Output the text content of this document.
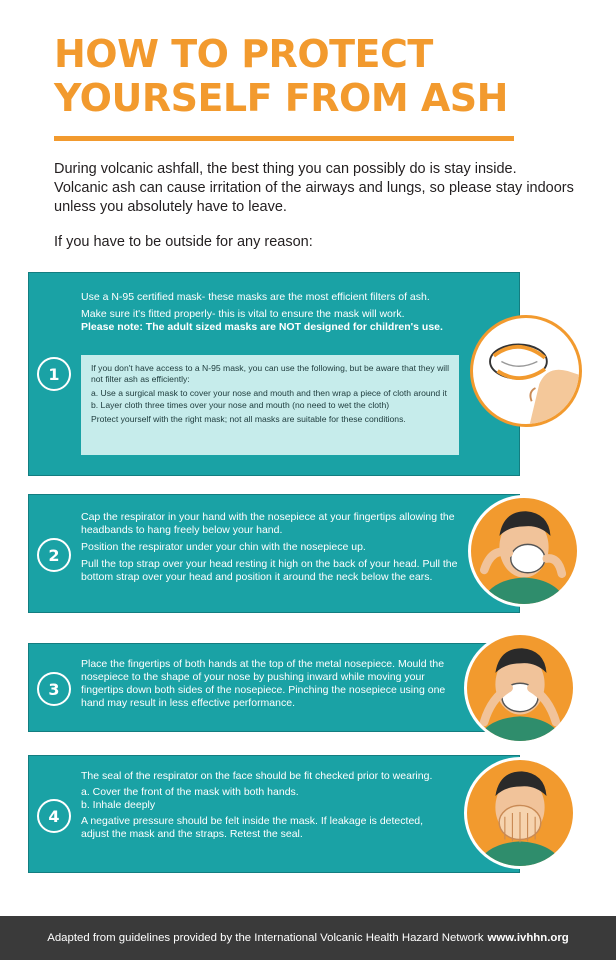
HOW TO PROTECT
YOURSELF FROM ASH

During volcanic ashfall, the best thing you can possibly do is stay inside. Volcanic ash can cause irritation of the airways and lungs, so please stay indoors unless you absolutely have to leave.

If you have to be outside for any reason:

1

Use a N-95 certified mask- these masks are the most efficient filters of ash.

Make sure it's fitted properly- this is vital to ensure the mask will work.

Please note: The adult sized masks are NOT designed for children's use.

If you don't have access to a N-95 mask, you can use the following, but be aware that they will not filter ash as efficiently:

a. Use a surgical mask to cover your nose and mouth and then wrap a piece of cloth around it
b. Layer cloth three times over your nose and mouth (no need to wet the cloth)

Protect yourself with the right mask; not all masks are suitable for these conditions.

2

Cap the respirator in your hand with the nosepiece at your fingertips allowing the headbands to hang freely below your hand.

Position the respirator under your chin with the nosepiece up.

Pull the top strap over your head resting it high on the back of your head. Pull the bottom strap over your head and position it around the neck below the ears.

3

Place the fingertips of both hands at the top of the metal nosepiece. Mould the nosepiece to the shape of your nose by pushing inward while moving your fingertips down both sides of the nosepiece. Pinching the nosepiece using one hand may result in less effective performance.

4

The seal of the respirator on the face should be fit checked prior to wearing.

a. Cover the front of the mask with both hands.

b. Inhale deeply

A negative pressure should be felt inside the mask. If leakage is detected, adjust the mask and the straps. Retest the seal.

Adapted from guidelines provided by the International Volcanic Health Hazard Network www.ivhhn.org
